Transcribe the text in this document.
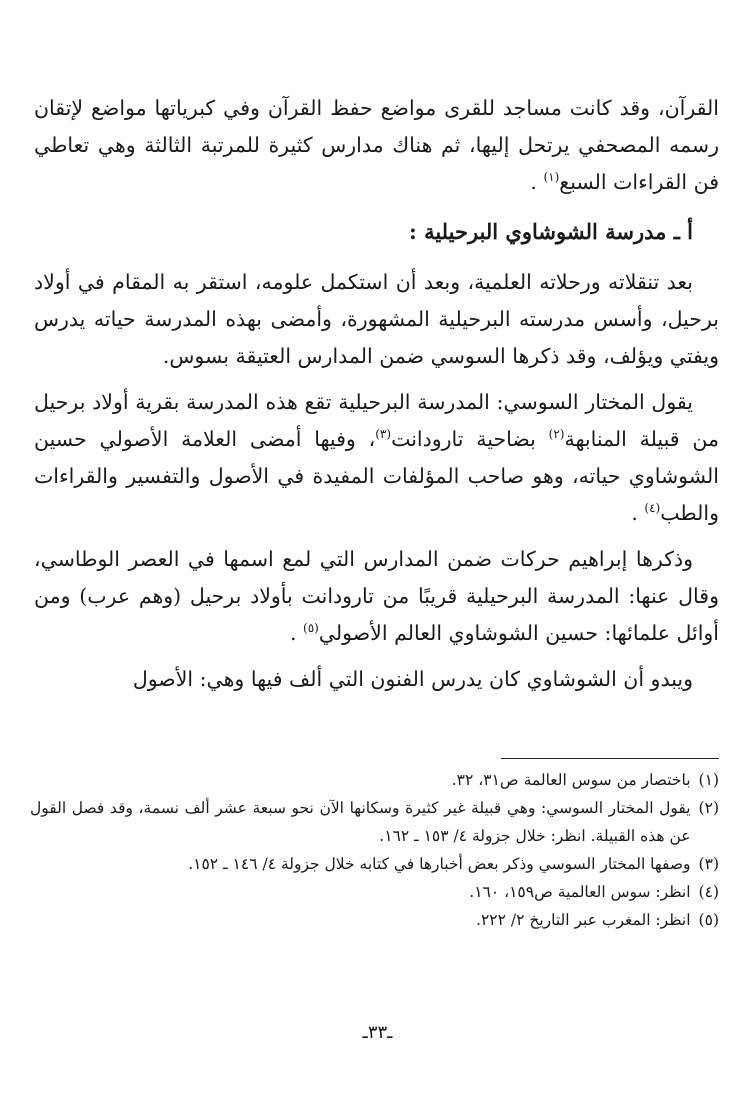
القرآن، وقد كانت مساجد للقرى مواضع حفظ القرآن وفي كبرياتها مواضع لإتقان رسمه المصحفي يرتحل إليها، ثم هناك مدارس كثيرة للمرتبة الثالثة وهي تعاطي فن القراءات السبع$^{(١)}$ .

أ ـ مدرسة الشوشاوي البرحيلية :

بعد تنقلاته ورحلاته العلمية، وبعد أن استكمل علومه، استقر به المقام في أولاد برحيل، وأسس مدرسته البرحيلية المشهورة، وأمضى بهذه المدرسة حياته يدرس ويفتي ويؤلف، وقد ذكرها السوسي ضمن المدارس العتيقة بسوس.

يقول المختار السوسي: المدرسة البرحيلية تقع هذه المدرسة بقرية أولاد برحيل من قبيلة المنابهة$^{(٢)}$ بضاحية تارودانت$^{(٣)}$، وفيها أمضى العلامة الأصولي حسين الشوشاوي حياته، وهو صاحب المؤلفات المفيدة في الأصول والتفسير والقراءات والطب$^{(٤)}$ .

وذكرها إبراهيم حركات ضمن المدارس التي لمع اسمها في العصر الوطاسي، وقال عنها: المدرسة البرحيلية قريبًا من تارودانت بأولاد برحيل (وهم عرب) ومن أوائل علمائها: حسين الشوشاوي العالم الأصولي$^{(٥)}$ .

ويبدو أن الشوشاوي كان يدرس الفنون التي ألف فيها وهي: الأصول

(١)
باختصار من سوس العالمة ص٣١، ٣٢.

(٢)
يقول المختار السوسي: وهي قبيلة غير كثيرة وسكانها الآن نحو سبعة عشر ألف نسمة، وقد فصل القول عن هذه القبيلة. انظر: خلال جزولة ٤/ ١٥٣ ـ ١٦٢.

(٣)
وصفها المختار السوسي وذكر بعض أخبارها في كتابه خلال جزولة ٤/ ١٤٦ ـ ١٥٢.

(٤)
انظر: سوس العالمية ص١٥٩، ١٦٠.

(٥)
انظر: المغرب عبر التاريخ ٢/ ٢٢٢.

ـ٣٣ـ
